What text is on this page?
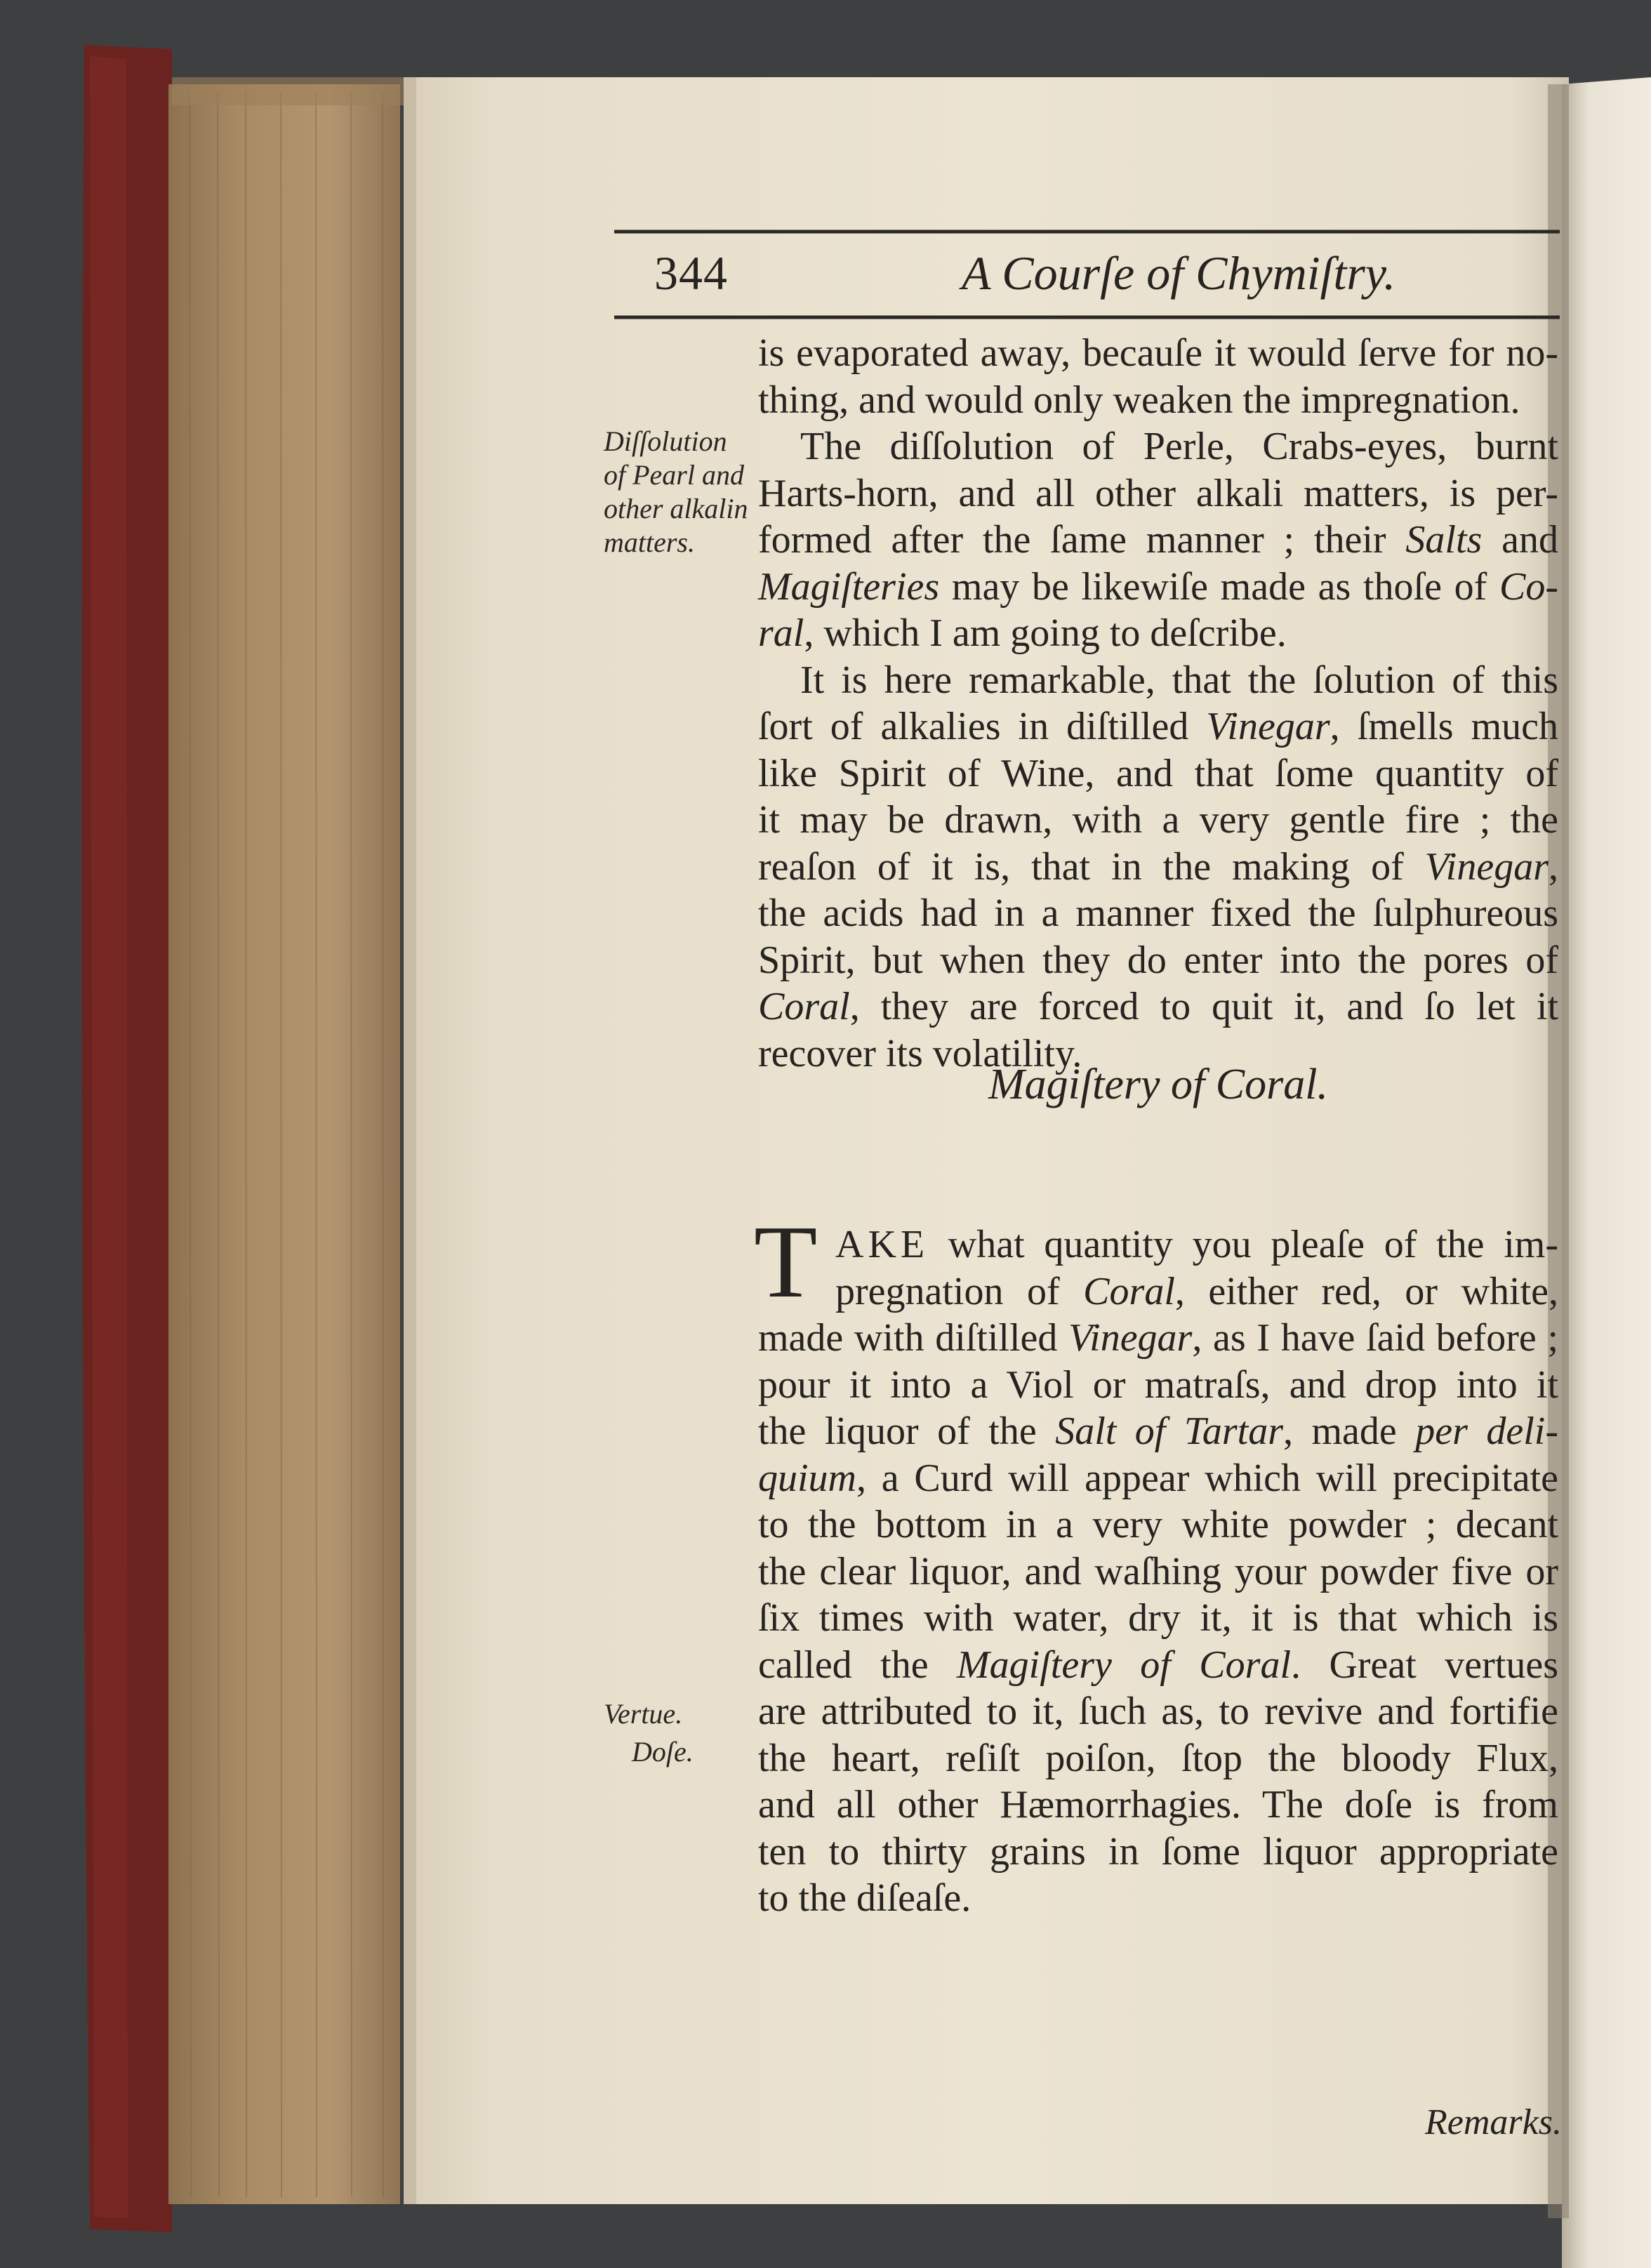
344	A Courſe of Chymiſtry.
Diſſolution of Pearl and other alkalin matters.
Vertue.
Doſe.
is evaporated away, becauſe it would ſerve for no-
thing, and would only weaken the impregnation.
The diſſolution of Perle, Crabs-eyes, burnt
Harts-horn, and all other alkali matters, is per-
formed after the ſame manner ; their Salts and
Magiſteries may be likewiſe made as thoſe of Co-
ral, which I am going to deſcribe.
It is here remarkable, that the ſolution of this
ſort of alkalies in diſtilled Vinegar, ſmells much
like Spirit of Wine, and that ſome quantity of
it may be drawn, with a very gentle fire ; the
reaſon of it is, that in the making of Vinegar,
the acids had in a manner fixed the ſulphureous
Spirit, but when they do enter into the pores of
Coral, they are forced to quit it, and ſo let it
recover its volatility.
Magiſtery of Coral.
T AKE what quantity you pleaſe of the im-
pregnation of Coral, either red, or white,
made with diſtilled Vinegar, as I have ſaid before ;
pour it into a Viol or matraſs, and drop into it
the liquor of the Salt of Tartar, made per deli-
quium, a Curd will appear which will precipitate
to the bottom in a very white powder ; decant
the clear liquor, and waſhing your powder five or
ſix times with water, dry it, it is that which is
called the Magiſtery of Coral. Great vertues
are attributed to it, ſuch as, to revive and fortifie
the heart, reſiſt poiſon, ſtop the bloody Flux,
and all other Hæmorrhagies. The doſe is from
ten to thirty grains in ſome liquor appropriate
to the diſeaſe.
Remarks.
